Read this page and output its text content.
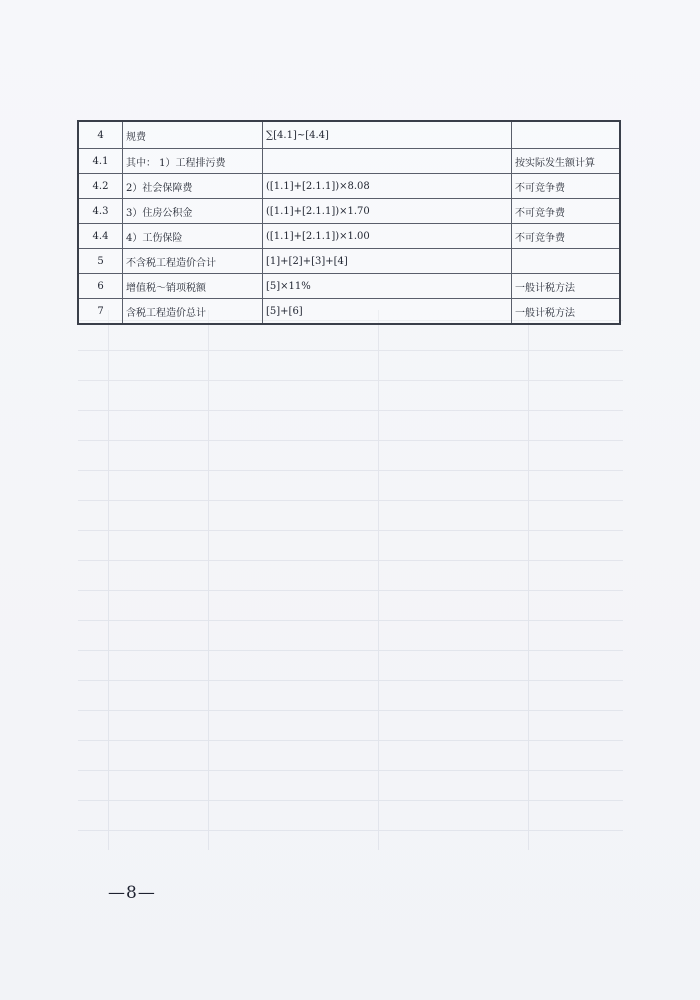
4	规费	∑[4.1]~[4.4]	
4.1	其中： 1）工程排污费		按实际发生额计算
4.2	2）社会保障费	([1.1]+[2.1.1])×8.08	不可竞争费
4.3	3）住房公积金	([1.1]+[2.1.1])×1.70	不可竞争费
4.4	4）工伤保险	([1.1]+[2.1.1])×1.00	不可竞争费
5	不含税工程造价合计	[1]+[2]+[3]+[4]	
6	增值税～销项税额	[5]×11%	一般计税方法
7	含税工程造价总计	[5]+[6]	一般计税方法
—8—
